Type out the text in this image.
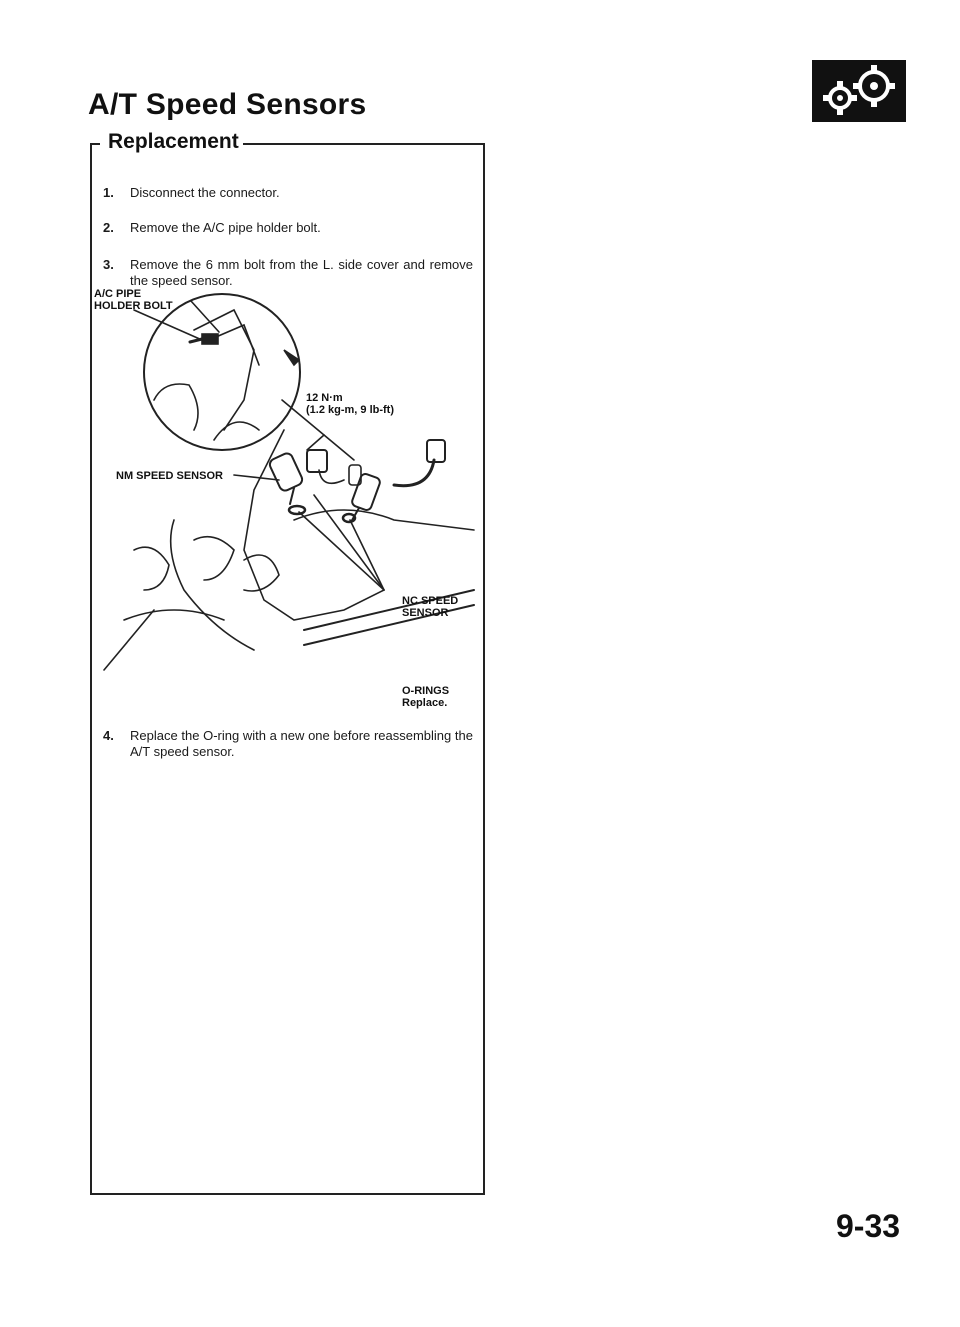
A/T Speed Sensors
Replacement
1.	Disconnect the connector.
2.	Remove the A/C pipe holder bolt.
3.	Remove the 6 mm bolt from the L. side cover and remove the speed sensor.
A/C PIPE
HOLDER BOLT
12 N·m
(1.2 kg-m, 9 lb-ft)
NM SPEED SENSOR
NC SPEED
SENSOR
O-RINGS
Replace.
4.	Replace the O-ring with a new one before reassembling the A/T speed sensor.
9-33
